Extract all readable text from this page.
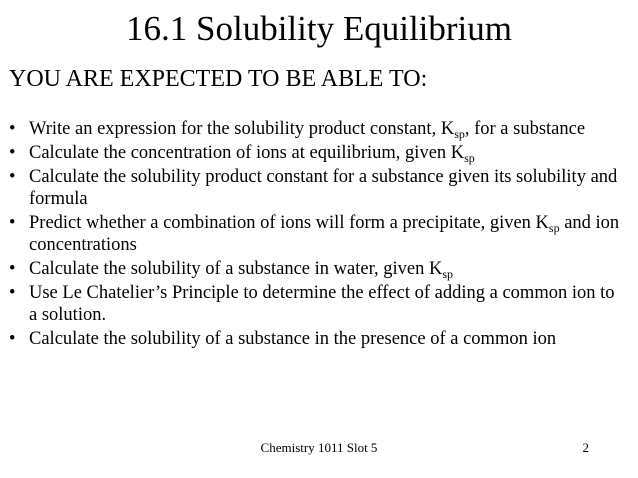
16.1 Solubility Equilibrium
YOU ARE EXPECTED TO BE ABLE TO:
• Write an expression for the solubility product constant, $K_{sp}$, for a substance
• Calculate the concentration of ions at equilibrium, given $K_{sp}$
• Calculate the solubility product constant for a substance given its solubility and formula
• Predict whether a combination of ions will form a precipitate, given $K_{sp}$ and ion concentrations
• Calculate the solubility of a substance in water, given $K_{sp}$
• Use Le Chatelier’s Principle to determine the effect of adding a common ion to a solution.
• Calculate the solubility of a substance in the presence of a common ion
Chemistry 1011 Slot 5	2
